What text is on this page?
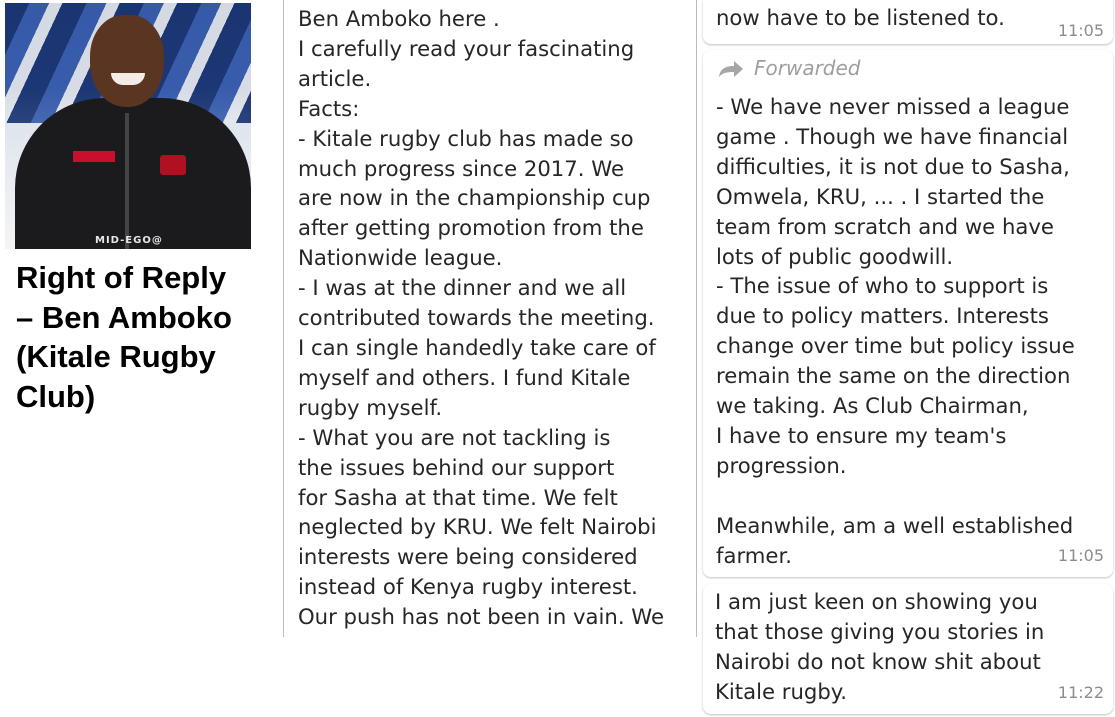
MID-EGO@
Right of Reply
– Ben Amboko
(Kitale Rugby
Club)
Ben Amboko here .
I carefully read your fascinating
article.
Facts:
- Kitale rugby club has made so
much progress since 2017. We
are now in the championship cup
after getting promotion from the
Nationwide league.
- I was at the dinner and we all
contributed towards the meeting.
I can single handedly take care of
myself and others. I fund Kitale
rugby myself.
- What you are not tackling is
the issues behind our support
for Sasha at that time. We felt
neglected by KRU. We felt Nairobi
interests were being considered
instead of Kenya rugby interest.
Our push has not been in vain. We
now have to be listened to.
11:05
Forwarded
- We have never missed a league
game . Though we have financial
difficulties, it is not due to Sasha,
Omwela, KRU, ... . I started the
team from scratch and we have
lots of public goodwill.
- The issue of who to support is
due to policy matters. Interests
change over time but policy issue
remain the same on the direction
we taking. As Club Chairman,
I have to ensure my team's
progression.

Meanwhile, am a well established
farmer.	11:05
I am just keen on showing you
that those giving you stories in
Nairobi do not know shit about
Kitale rugby.	11:22
